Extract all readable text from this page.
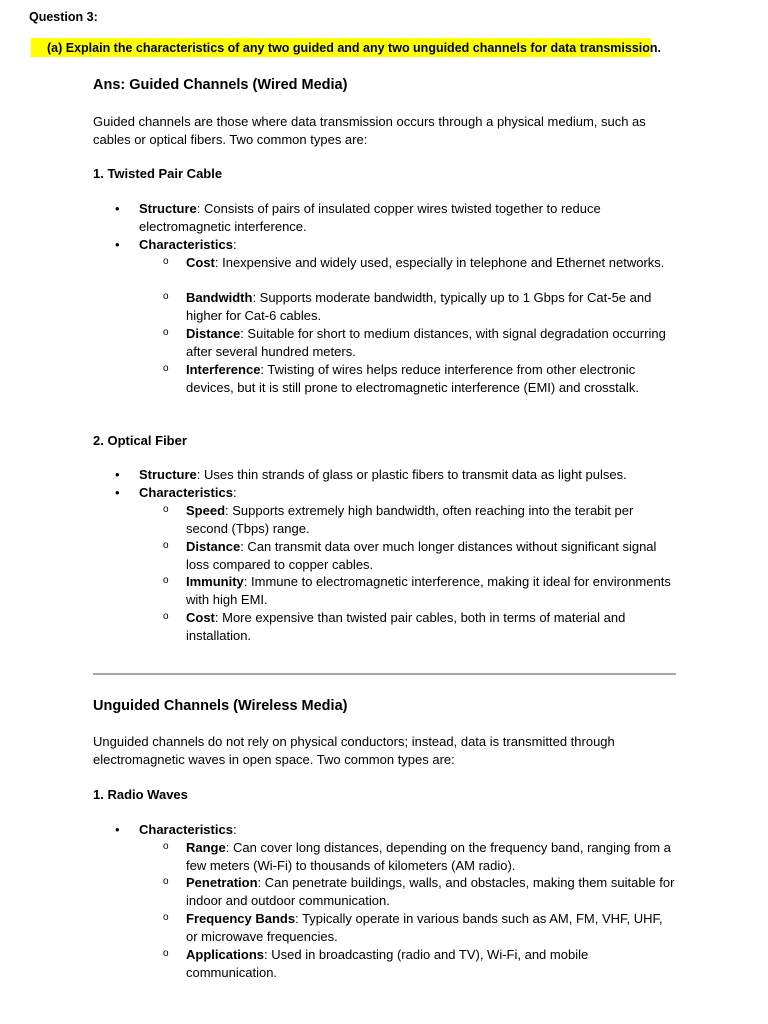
Question 3:
(a) Explain the characteristics of any two guided and any two unguided channels for data transmission.
Ans: Guided Channels (Wired Media)
Guided channels are those where data transmission occurs through a physical medium, such as cables or optical fibers. Two common types are:
1. Twisted Pair Cable
• Structure: Consists of pairs of insulated copper wires twisted together to reduce electromagnetic interference.
• Characteristics:
o Cost: Inexpensive and widely used, especially in telephone and Ethernet networks.
o Bandwidth: Supports moderate bandwidth, typically up to 1 Gbps for Cat-5e and higher for Cat-6 cables.
o Distance: Suitable for short to medium distances, with signal degradation occurring after several hundred meters.
o Interference: Twisting of wires helps reduce interference from other electronic devices, but it is still prone to electromagnetic interference (EMI) and crosstalk.
2. Optical Fiber
• Structure: Uses thin strands of glass or plastic fibers to transmit data as light pulses.
• Characteristics:
o Speed: Supports extremely high bandwidth, often reaching into the terabit per second (Tbps) range.
o Distance: Can transmit data over much longer distances without significant signal loss compared to copper cables.
o Immunity: Immune to electromagnetic interference, making it ideal for environments with high EMI.
o Cost: More expensive than twisted pair cables, both in terms of material and installation.
Unguided Channels (Wireless Media)
Unguided channels do not rely on physical conductors; instead, data is transmitted through electromagnetic waves in open space. Two common types are:
1. Radio Waves
• Characteristics:
o Range: Can cover long distances, depending on the frequency band, ranging from a few meters (Wi-Fi) to thousands of kilometers (AM radio).
o Penetration: Can penetrate buildings, walls, and obstacles, making them suitable for indoor and outdoor communication.
o Frequency Bands: Typically operate in various bands such as AM, FM, VHF, UHF, or microwave frequencies.
o Applications: Used in broadcasting (radio and TV), Wi-Fi, and mobile communication.
